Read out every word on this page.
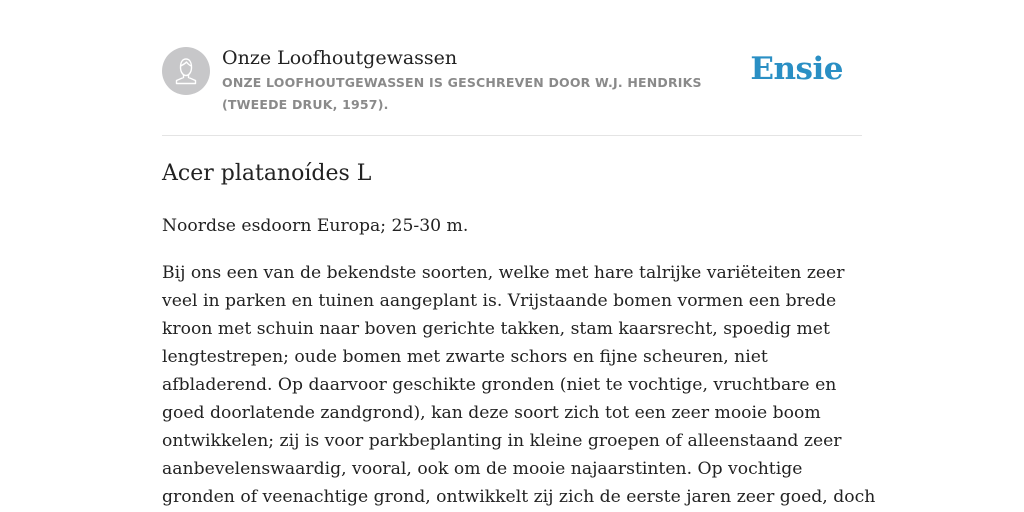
Onze Loofhoutgewassen
ONZE LOOFHOUTGEWASSEN IS GESCHREVEN DOOR W.J. HENDRIKS (TWEEDE DRUK, 1957).
Ensie
Acer platanoídes L
Noordse esdoorn Europa; 25-30 m.
Bij ons een van de bekendste soorten, welke met hare talrijke variëteiten zeer
veel in parken en tuinen aangeplant is. Vrijstaande bomen vormen een brede
kroon met schuin naar boven gerichte takken, stam kaarsrecht, spoedig met
lengtestrepen; oude bomen met zwarte schors en fijne scheuren, niet
afbladerend. Op daarvoor geschikte gronden (niet te vochtige, vruchtbare en
goed doorlatende zandgrond), kan deze soort zich tot een zeer mooie boom
ontwikkelen; zij is voor parkbeplanting in kleine groepen of alleenstaand zeer
aanbevelenswaardig, vooral, ook om de mooie najaarstinten. Op vochtige
gronden of veenachtige grond, ontwikkelt zij zich de eerste jaren zeer goed, doch
